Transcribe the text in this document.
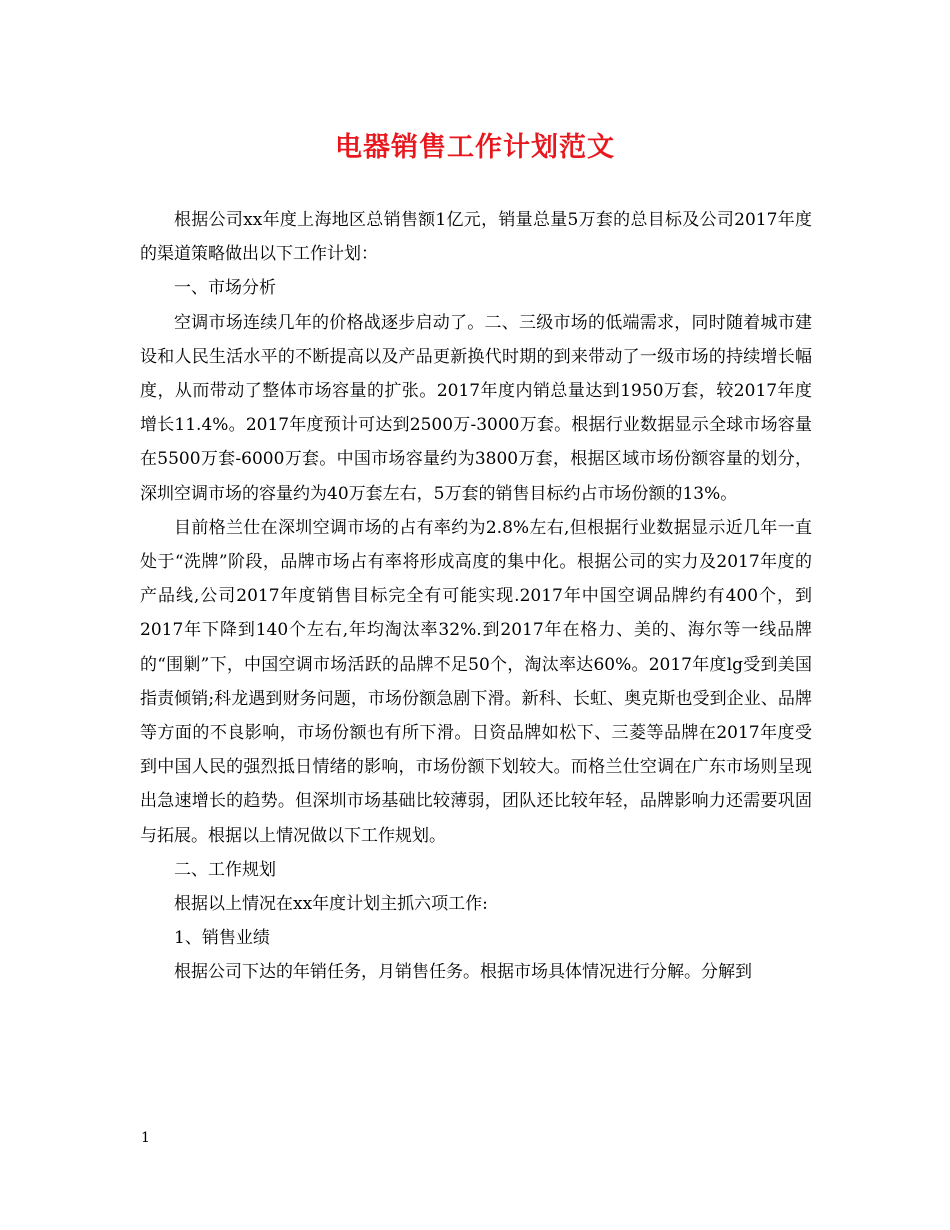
电器销售工作计划范文

根据公司xx年度上海地区总销售额1亿元，销量总量5万套的总目标及公司2017年度的渠道策略做出以下工作计划：

一、市场分析

空调市场连续几年的价格战逐步启动了。二、三级市场的低端需求，同时随着城市建设和人民生活水平的不断提高以及产品更新换代时期的到来带动了一级市场的持续增长幅度，从而带动了整体市场容量的扩张。2017年度内销总量达到1950万套，较2017年度增长11.4%。2017年度预计可达到2500万-3000万套。根据行业数据显示全球市场容量在5500万套-6000万套。中国市场容量约为3800万套，根据区域市场份额容量的划分，深圳空调市场的容量约为40万套左右，5万套的销售目标约占市场份额的13%。

目前格兰仕在深圳空调市场的占有率约为2.8%左右,但根据行业数据显示近几年一直处于“洗牌”阶段，品牌市场占有率将形成高度的集中化。根据公司的实力及2017年度的产品线,公司2017年度销售目标完全有可能实现.2017年中国空调品牌约有400个，到2017年下降到140个左右,年均淘汰率32%.到2017年在格力、美的、海尔等一线品牌的“围剿”下，中国空调市场活跃的品牌不足50个，淘汰率达60%。2017年度lg受到美国指责倾销;科龙遇到财务问题，市场份额急剧下滑。新科、长虹、奥克斯也受到企业、品牌等方面的不良影响，市场份额也有所下滑。日资品牌如松下、三菱等品牌在2017年度受到中国人民的强烈抵日情绪的影响，市场份额下划较大。而格兰仕空调在广东市场则呈现出急速增长的趋势。但深圳市场基础比较薄弱，团队还比较年轻，品牌影响力还需要巩固与拓展。根据以上情况做以下工作规划。

二、工作规划

根据以上情况在xx年度计划主抓六项工作:

1、销售业绩

根据公司下达的年销任务，月销售任务。根据市场具体情况进行分解。分解到

1
